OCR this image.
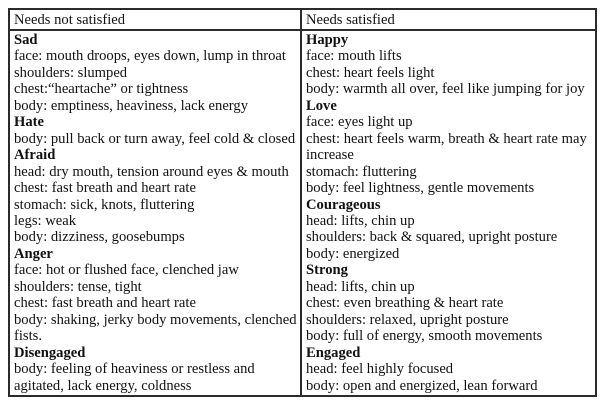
Needs not satisfied	Needs satisfied
Sad
face: mouth droops, eyes down, lump in throat
shoulders: slumped
chest:“heartache” or tightness
body: emptiness, heaviness, lack energy
Hate
body: pull back or turn away, feel cold & closed
Afraid
head: dry mouth, tension around eyes & mouth
chest: fast breath and heart rate
stomach: sick, knots, fluttering
legs: weak
body: dizziness, goosebumps
Anger
face: hot or flushed face, clenched jaw
shoulders: tense, tight
chest: fast breath and heart rate
body: shaking, jerky body movements, clenched fists.
Disengaged
body: feeling of heaviness or restless and agitated, lack energy, coldness
Happy
face: mouth lifts
chest: heart feels light
body: warmth all over, feel like jumping for joy
Love
face: eyes light up
chest: heart feels warm, breath & heart rate may increase
stomach: fluttering
body: feel lightness, gentle movements
Courageous
head: lifts, chin up
shoulders: back & squared, upright posture
body: energized
Strong
head: lifts, chin up
chest: even breathing & heart rate
shoulders: relaxed, upright posture
body: full of energy, smooth movements
Engaged
head: feel highly focused
body: open and energized, lean forward
